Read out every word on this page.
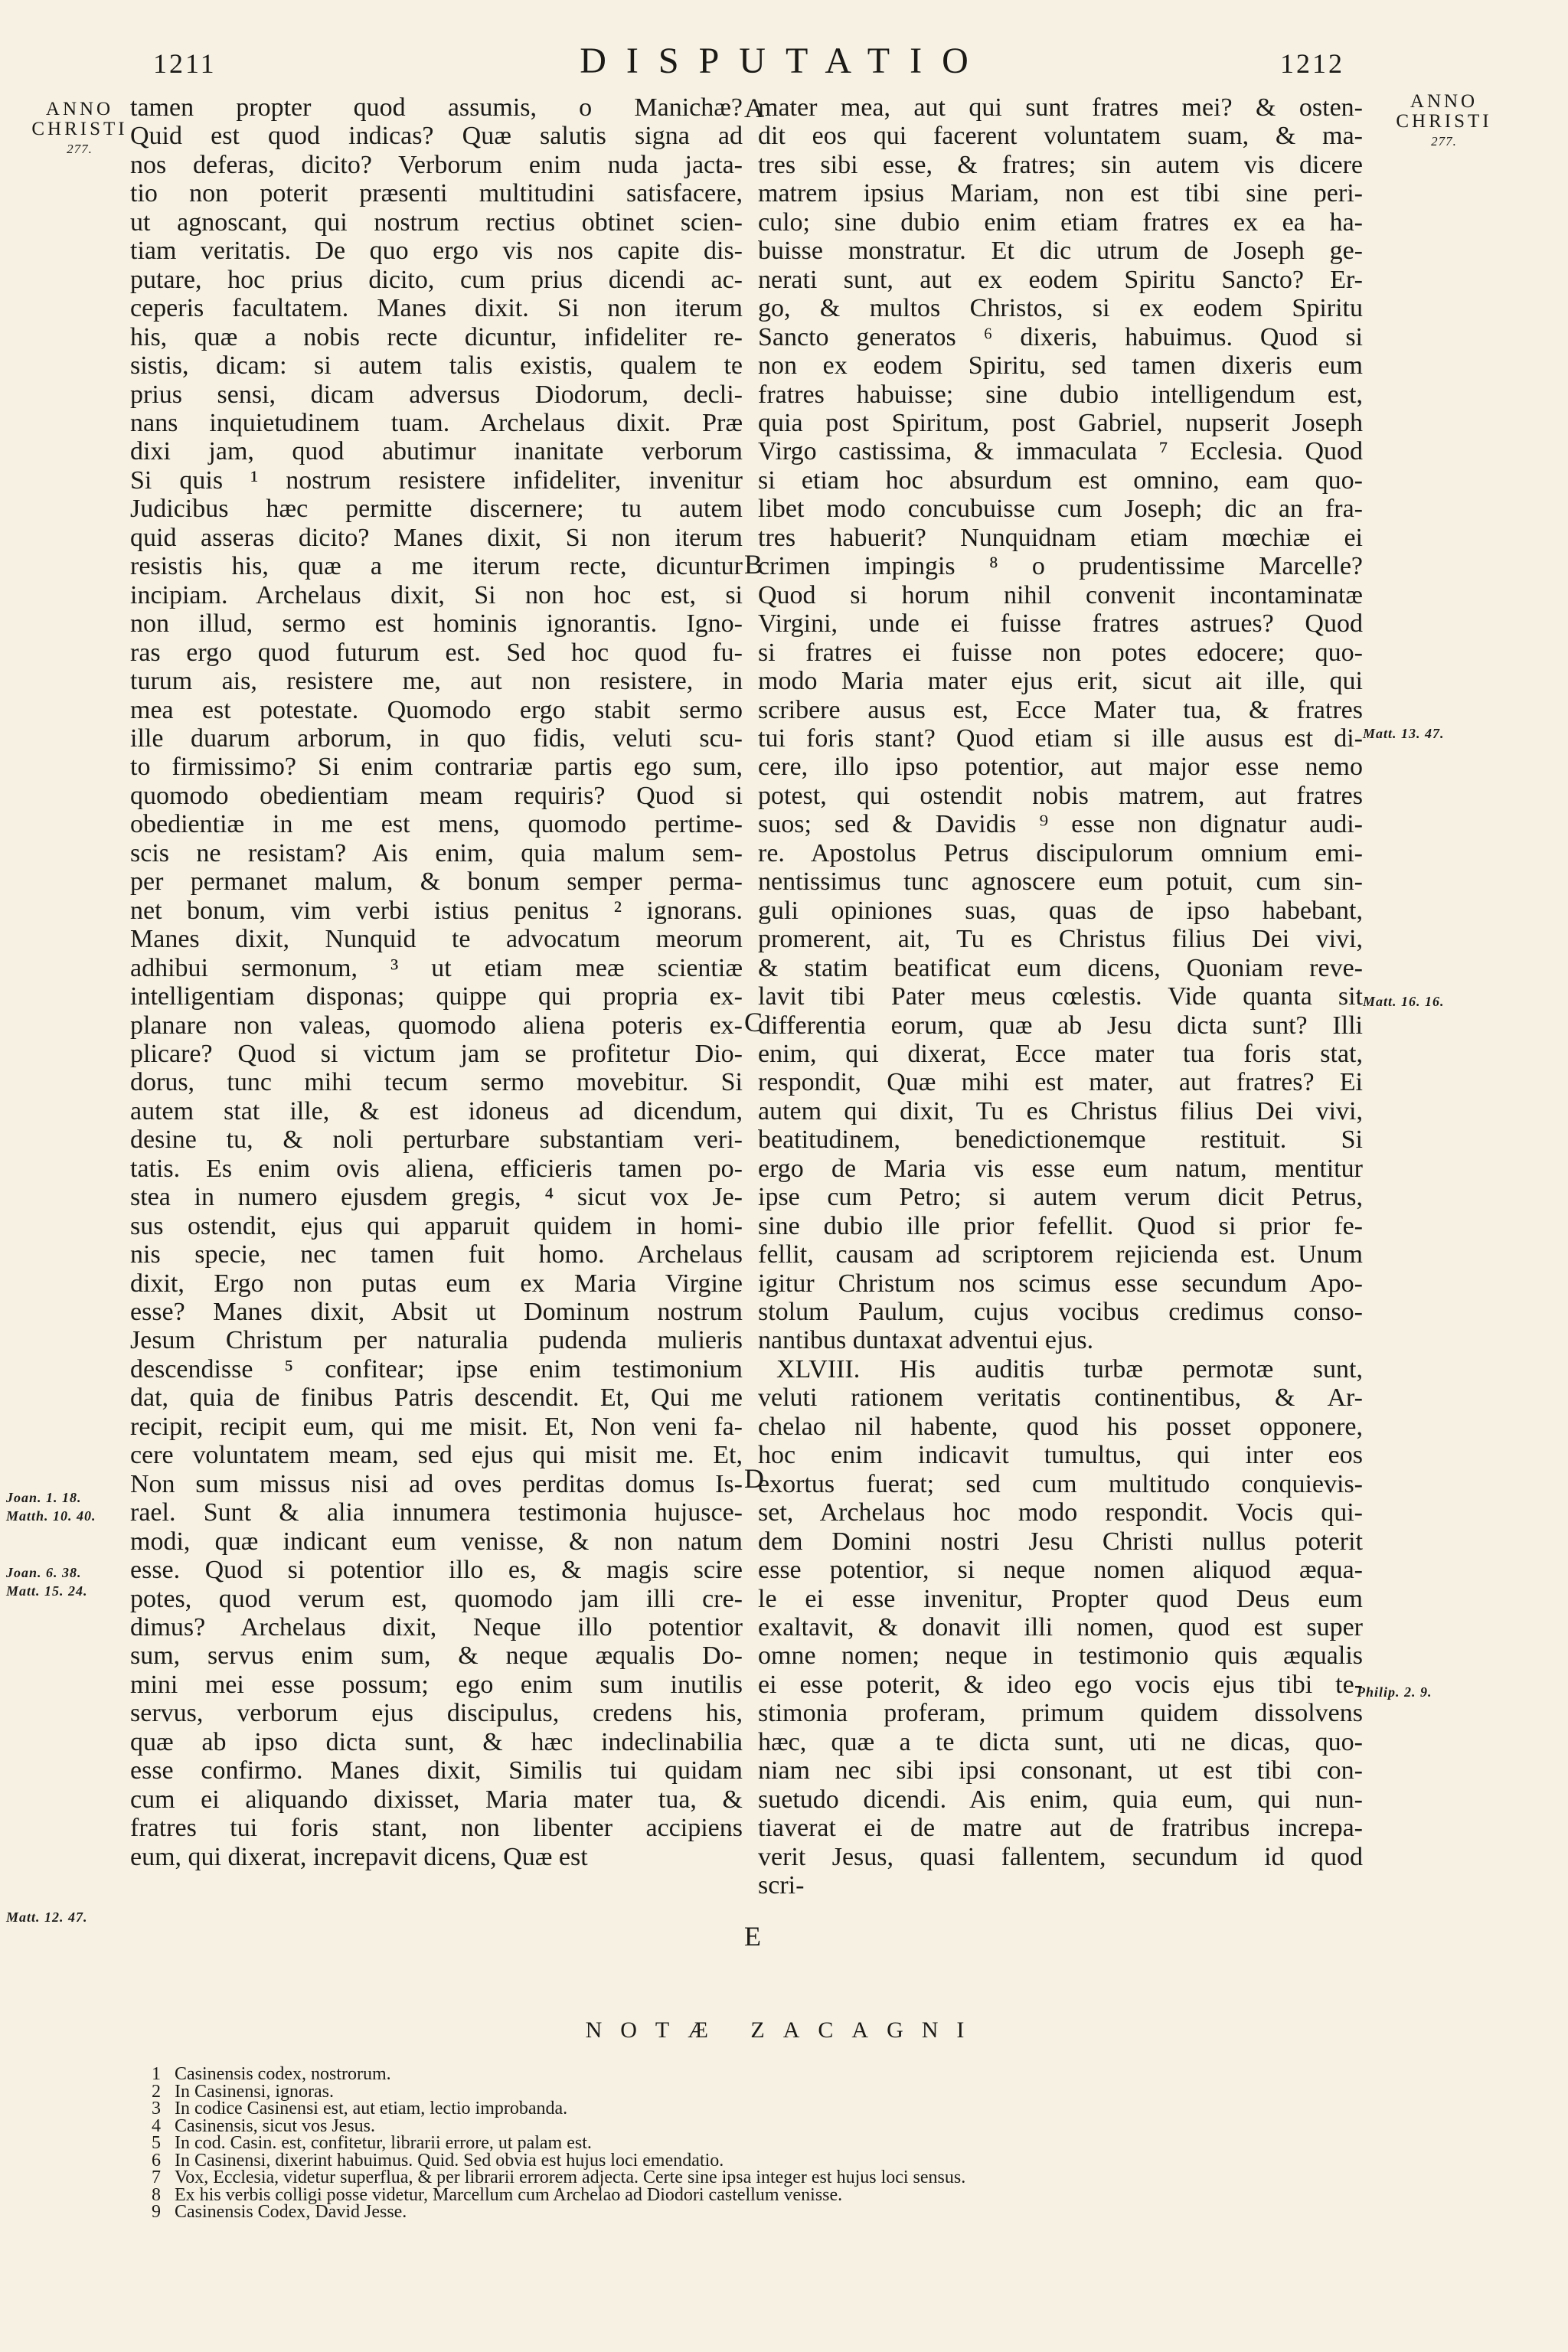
1211	DISPUTATIO	1212
ANNO
CHRISTI
277.
ANNO
CHRISTI
277.

tamen propter quod assumis, o Manichæ?

Quid est quod indicas? Quæ salutis signa ad

nos deferas, dicito? Verborum enim nuda jacta-

tio non poterit præsenti multitudini satisfacere,

ut agnoscant, qui nostrum rectius obtinet scien-

tiam veritatis. De quo ergo vis nos capite dis-

putare, hoc prius dicito, cum prius dicendi ac-

ceperis facultatem. Manes dixit. Si non iterum

his, quæ a nobis recte dicuntur, infideliter re-

sistis, dicam: si autem talis existis, qualem te

prius sensi, dicam adversus Diodorum, decli-

nans inquietudinem tuam. Archelaus dixit. Præ

dixi jam, quod abutimur inanitate verborum

Si quis ¹ nostrum resistere infideliter, invenitur

Judicibus hæc permitte discernere; tu autem

quid asseras dicito? Manes dixit, Si non iterum

resistis his, quæ a me iterum recte, dicuntur

incipiam. Archelaus dixit, Si non hoc est, si

non illud, sermo est hominis ignorantis. Igno-

ras ergo quod futurum est. Sed hoc quod fu-

turum ais, resistere me, aut non resistere, in

mea est potestate. Quomodo ergo stabit sermo

ille duarum arborum, in quo fidis, veluti scu-

to firmissimo? Si enim contrariæ partis ego sum,

quomodo obedientiam meam requiris? Quod si

obedientiæ in me est mens, quomodo pertime-

scis ne resistam? Ais enim, quia malum sem-

per permanet malum, & bonum semper perma-

net bonum, vim verbi istius penitus ² ignorans.

Manes dixit, Nunquid te advocatum meorum

adhibui sermonum, ³ ut etiam meæ scientiæ

intelligentiam disponas; quippe qui propria ex-

planare non valeas, quomodo aliena poteris ex-

plicare? Quod si victum jam se profitetur Dio-

dorus, tunc mihi tecum sermo movebitur. Si

autem stat ille, & est idoneus ad dicendum,

desine tu, & noli perturbare substantiam veri-

tatis. Es enim ovis aliena, efficieris tamen po-

stea in numero ejusdem gregis, ⁴ sicut vox Je-

sus ostendit, ejus qui apparuit quidem in homi-

nis specie, nec tamen fuit homo. Archelaus

dixit, Ergo non putas eum ex Maria Virgine

esse? Manes dixit, Absit ut Dominum nostrum

Jesum Christum per naturalia pudenda mulieris

descendisse ⁵ confitear; ipse enim testimonium

dat, quia de finibus Patris descendit. Et, Qui me

recipit, recipit eum, qui me misit. Et, Non veni fa-

cere voluntatem meam, sed ejus qui misit me. Et,

Non sum missus nisi ad oves perditas domus Is-

rael. Sunt & alia innumera testimonia hujusce-

modi, quæ indicant eum venisse, & non natum

esse. Quod si potentior illo es, & magis scire

potes, quod verum est, quomodo jam illi cre-

dimus? Archelaus dixit, Neque illo potentior

sum, servus enim sum, & neque æqualis Do-

mini mei esse possum; ego enim sum inutilis

servus, verborum ejus discipulus, credens his,

quæ ab ipso dicta sunt, & hæc indeclinabilia

esse confirmo. Manes dixit, Similis tui quidam

cum ei aliquando dixisset, Maria mater tua, &

fratres tui foris stant, non libenter accipiens

eum, qui dixerat, increpavit dicens, Quæ est

mater mea, aut qui sunt fratres mei? & osten-

dit eos qui facerent voluntatem suam, & ma-

tres sibi esse, & fratres; sin autem vis dicere

matrem ipsius Mariam, non est tibi sine peri-

culo; sine dubio enim etiam fratres ex ea ha-

buisse monstratur. Et dic utrum de Joseph ge-

nerati sunt, aut ex eodem Spiritu Sancto? Er-

go, & multos Christos, si ex eodem Spiritu

Sancto generatos ⁶ dixeris, habuimus. Quod si

non ex eodem Spiritu, sed tamen dixeris eum

fratres habuisse; sine dubio intelligendum est,

quia post Spiritum, post Gabriel, nupserit Joseph

Virgo castissima, & immaculata ⁷ Ecclesia. Quod

si etiam hoc absurdum est omnino, eam quo-

libet modo concubuisse cum Joseph; dic an fra-

tres habuerit? Nunquidnam etiam mœchiæ ei

crimen impingis ⁸ o prudentissime Marcelle?

Quod si horum nihil convenit incontaminatæ

Virgini, unde ei fuisse fratres astrues? Quod

si fratres ei fuisse non potes edocere; quo-

modo Maria mater ejus erit, sicut ait ille, qui

scribere ausus est, Ecce Mater tua, & fratres

tui foris stant? Quod etiam si ille ausus est di-

cere, illo ipso potentior, aut major esse nemo

potest, qui ostendit nobis matrem, aut fratres

suos; sed & Davidis ⁹ esse non dignatur audi-

re. Apostolus Petrus discipulorum omnium emi-

nentissimus tunc agnoscere eum potuit, cum sin-

guli opiniones suas, quas de ipso habebant,

promerent, ait, Tu es Christus filius Dei vivi,

& statim beatificat eum dicens, Quoniam reve-

lavit tibi Pater meus cœlestis. Vide quanta sit

differentia eorum, quæ ab Jesu dicta sunt? Illi

enim, qui dixerat, Ecce mater tua foris stat,

respondit, Quæ mihi est mater, aut fratres? Ei

autem qui dixit, Tu es Christus filius Dei vivi,

beatitudinem, benedictionemque restituit. Si

ergo de Maria vis esse eum natum, mentitur

ipse cum Petro; si autem verum dicit Petrus,

sine dubio ille prior fefellit. Quod si prior fe-

fellit, causam ad scriptorem rejicienda est. Unum

igitur Christum nos scimus esse secundum Apo-

stolum Paulum, cujus vocibus credimus conso-

nantibus duntaxat adventui ejus.

XLVIII. His auditis turbæ permotæ sunt,

veluti rationem veritatis continentibus, & Ar-

chelao nil habente, quod his posset opponere,

hoc enim indicavit tumultus, qui inter eos

exortus fuerat; sed cum multitudo conquievis-

set, Archelaus hoc modo respondit. Vocis qui-

dem Domini nostri Jesu Christi nullus poterit

esse potentior, si neque nomen aliquod æqua-

le ei esse invenitur, Propter quod Deus eum

exaltavit, & donavit illi nomen, quod est super

omne nomen; neque in testimonio quis æqualis

ei esse poterit, & ideo ego vocis ejus tibi te-

stimonia proferam, primum quidem dissolvens

hæc, quæ a te dicta sunt, uti ne dicas, quo-

niam nec sibi ipsi consonant, ut est tibi con-

suetudo dicendi. Ais enim, quia eum, qui nun-

tiaverat ei de matre aut de fratribus increpa-

verit Jesus, quasi fallentem, secundum id quod

scri-

A
B
C
D
E
Joan. 1. 18.
Matth. 10. 40.
Joan. 6. 38.
Matt. 15. 24.
Matt. 12. 47.
Matt. 13. 47.
Matt. 16. 16.
Philip. 2. 9.
NOTÆ ZACAGNI
1 Casinensis codex, nostrorum.
2 In Casinensi, ignoras.
3 In codice Casinensi est, aut etiam, lectio improbanda.
4 Casinensis, sicut vos Jesus.
5 In cod. Casin. est, confitetur, librarii errore, ut palam est.
6 In Casinensi, dixerint habuimus. Quid. Sed obvia est hujus loci emendatio.
7 Vox, Ecclesia, videtur superflua, & per librarii errorem adjecta. Certe sine ipsa integer est hujus loci sensus.
8 Ex his verbis colligi posse videtur, Marcellum cum Archelao ad Diodori castellum venisse.
9 Casinensis Codex, David Jesse.
